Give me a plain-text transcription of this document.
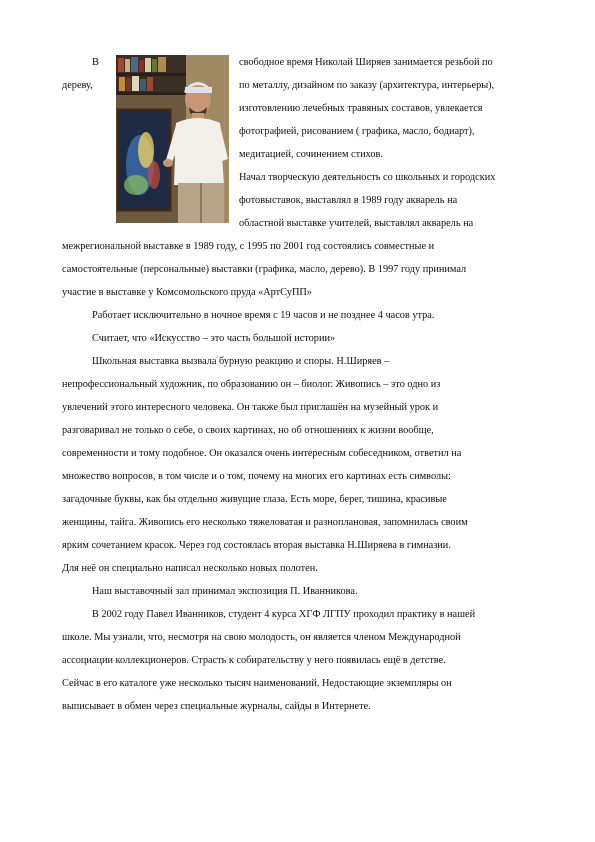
В
дереву,
свободное время Николай Ширяев занимается резьбой по
по металлу, дизайном по заказу (архитектура, интерьеры),
изготовлению лечебных травяных составов, увлекается
фотографией, рисованием ( графика, масло, бодиарт),
медитацией, сочинением стихов.
Начал творческую деятельность со школьных и городских
фотовыставок, выставлял в 1989 году акварель на
областной выставке учителей, выставлял акварель на
межрегиональной выставке в 1989 году, с 1995 по 2001 год состоялись совместные и
самостоятельные (персональные) выставки (графика, масло, дерево). В 1997 году принимал
участие в выставке у Комсомольского пруда «АртСуПП»
Работает исключительно в ночное время с 19 часов и не позднее 4 часов утра.
Считает, что «Искусство – это часть большой истории»
Школьная выставка вызвала бурную реакцию и споры. Н.Ширяев –
непрофессиональный художник, по образованию он – биолог. Живопись – это одно из
увлечений этого интересного человека. Он также был приглашён на музейный урок и
разговаривал не только о себе, о своих картинах, но об отношениях к жизни вообще,
современности и тому подобное. Он оказался очень интересным собеседником, ответил на
множество вопросов, в том числе и о том, почему на многих его картинах есть символы:
загадочные буквы, как бы отдельно живущие глаза. Есть море, берег, тишина, красивые
женщины, тайга. Живопись его несколько тяжеловатая и разноплановая, запомнилась своим
ярким сочетанием красок. Через год состоялась вторая выставка Н.Ширяева в гимназии.
Для неё он специально написал несколько новых полотен.
Наш выставочный зал принимал экспозиция П. Иванникова.
В 2002 году Павел Иванников, студент 4 курса ХГФ ЛГПУ проходил практику в нашей
школе. Мы узнали, что, несмотря на свою молодость, он является членом Международной
ассоциации коллекционеров. Страсть к собирательству у него появилась ещё в детстве.
Сейчас в его каталоге уже несколько тысяч наименований. Недостающие экземпляры он
выписывает в обмен через специальные журналы, сайды в Интернете.
